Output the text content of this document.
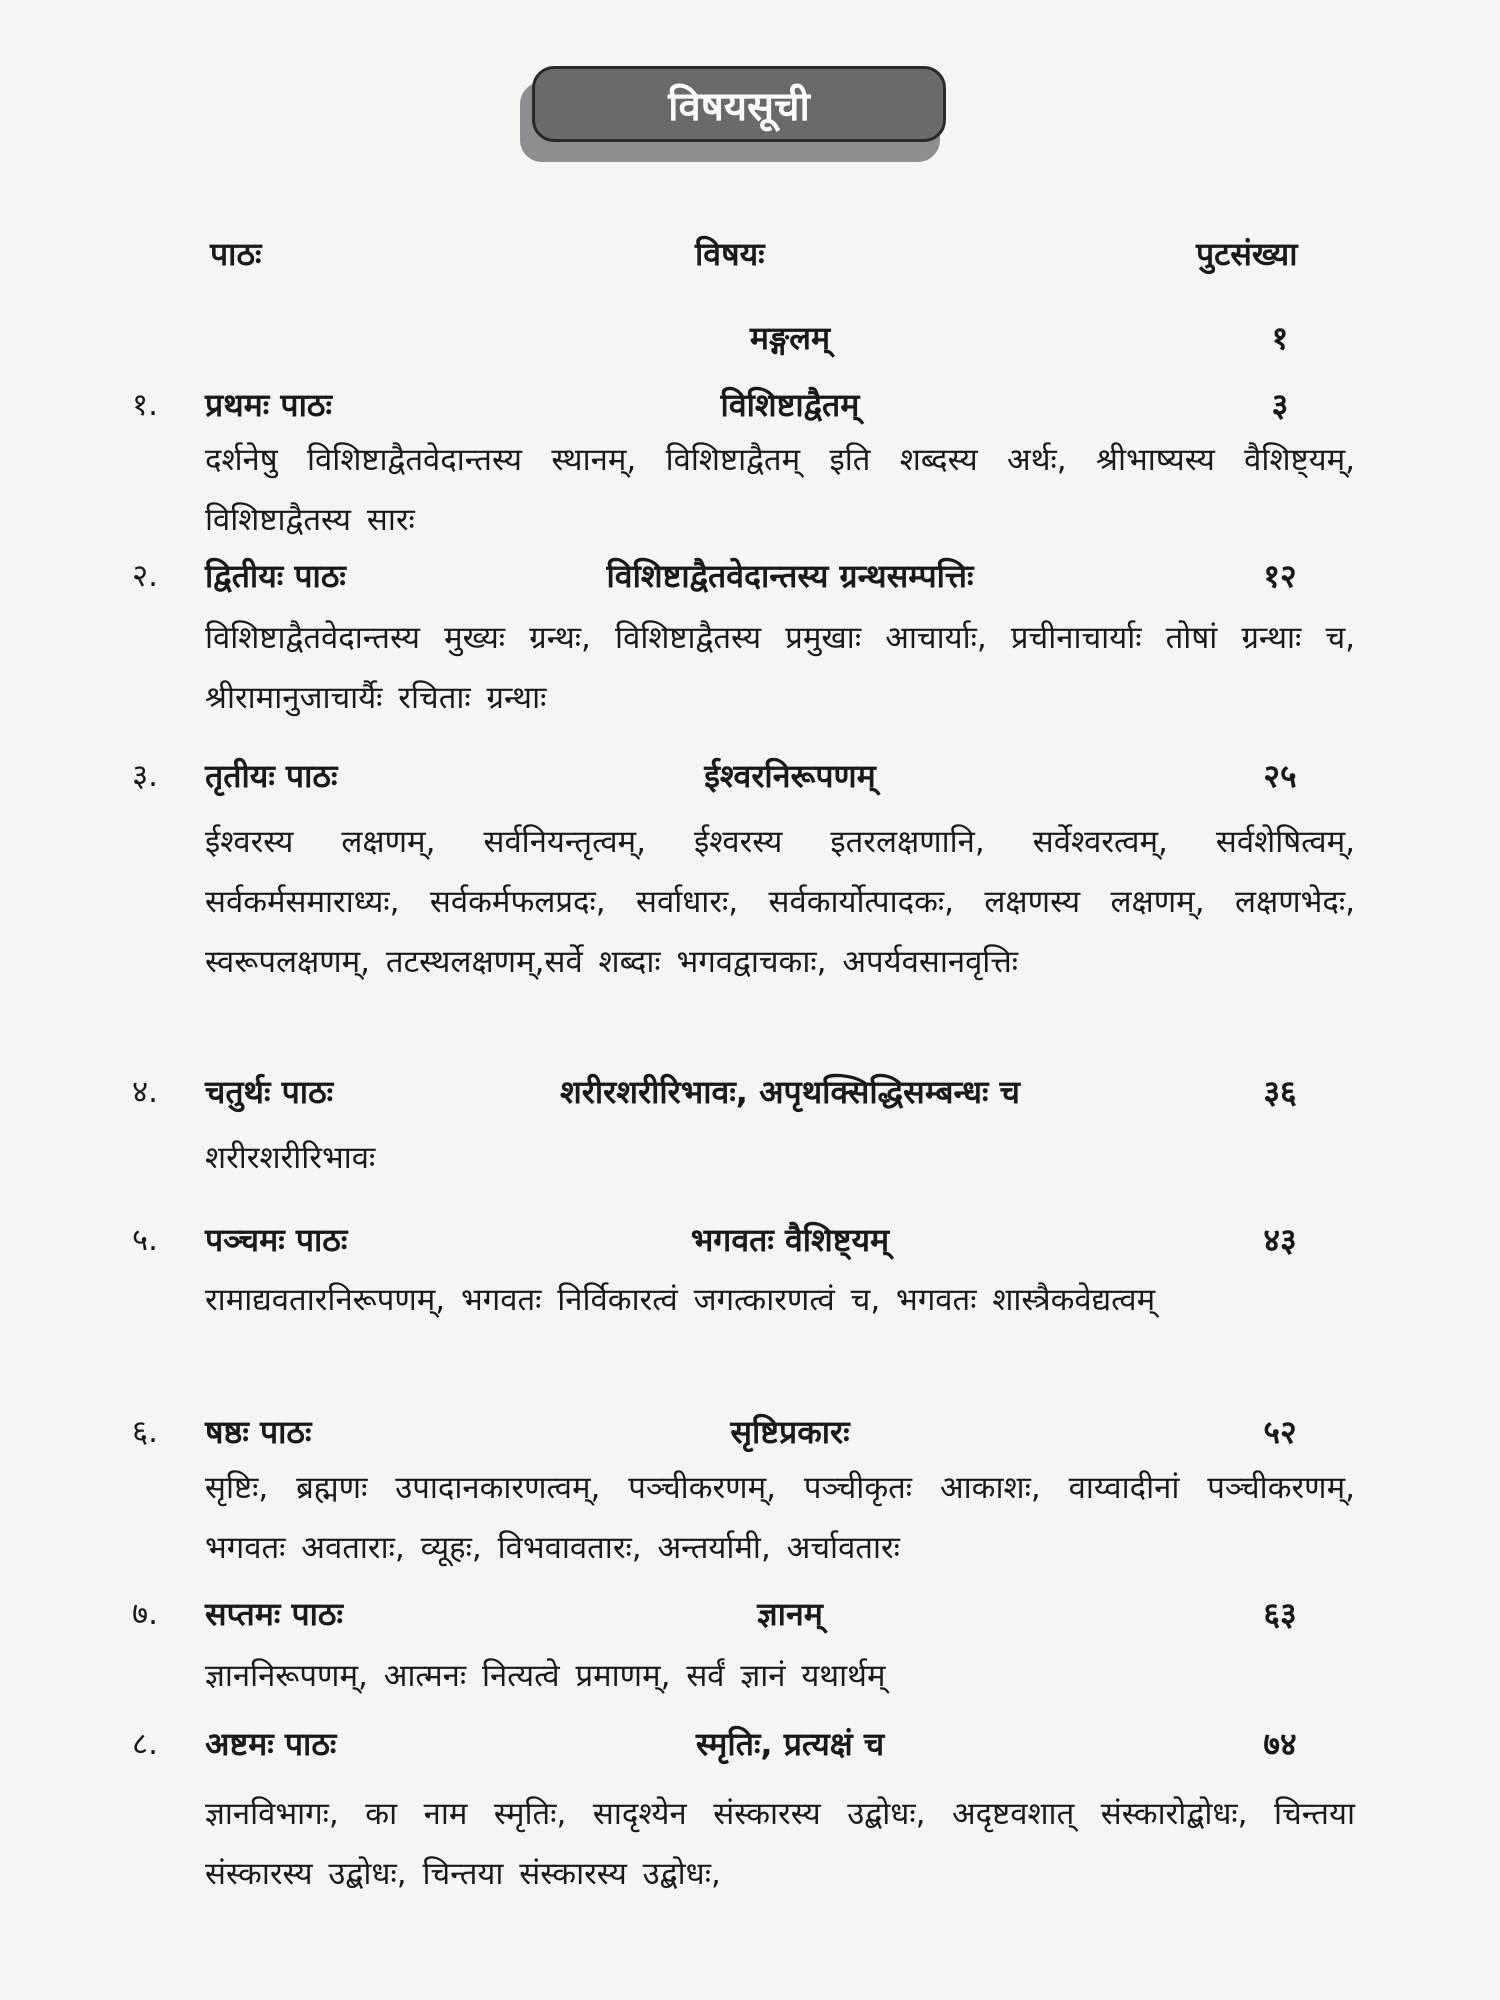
विषयसूची
पाठः	विषयः	पुटसंख्या
मङ्गलम्	१
१. प्रथमः पाठः	विशिष्टाद्वैतम्	३
दर्शनेषु विशिष्टाद्वैतवेदान्तस्य स्थानम्, विशिष्टाद्वैतम् इति शब्दस्य अर्थः, श्रीभाष्यस्य वैशिष्ट्यम्, विशिष्टाद्वैतस्य सारः
२. द्वितीयः पाठः	विशिष्टाद्वैतवेदान्तस्य ग्रन्थसम्पत्तिः	१२
विशिष्टाद्वैतवेदान्तस्य मुख्यः ग्रन्थः, विशिष्टाद्वैतस्य प्रमुखाः आचार्याः, प्रचीनाचार्याः तोषां ग्रन्थाः च, श्रीरामानुजाचार्यैः रचिताः ग्रन्थाः
३. तृतीयः पाठः	ईश्वरनिरूपणम्	२५
ईश्वरस्य लक्षणम्, सर्वनियन्तृत्वम्, ईश्वरस्य इतरलक्षणानि, सर्वेश्वरत्वम्, सर्वशेषित्वम्, सर्वकर्मसमाराध्यः, सर्वकर्मफलप्रदः, सर्वाधारः, सर्वकार्योत्पादकः, लक्षणस्य लक्षणम्, लक्षणभेदः, स्वरूपलक्षणम्, तटस्थलक्षणम्,सर्वे शब्दाः भगवद्वाचकाः, अपर्यवसानवृत्तिः
४. चतुर्थः पाठः	शरीरशरीरिभावः, अपृथक्सिद्धिसम्बन्धः च	३६
शरीरशरीरिभावः
५. पञ्चमः पाठः	भगवतः वैशिष्ट्यम्	४३
रामाद्यवतारनिरूपणम्, भगवतः निर्विकारत्वं जगत्कारणत्वं च, भगवतः शास्त्रैकवेद्यत्वम्
६. षष्ठः पाठः	सृष्टिप्रकारः	५२
सृष्टिः, ब्रह्मणः उपादानकारणत्वम्, पञ्चीकरणम्, पञ्चीकृतः आकाशः, वाय्वादीनां पञ्चीकरणम्, भगवतः अवताराः, व्यूहः, विभवावतारः, अन्तर्यामी, अर्चावतारः
७. सप्तमः पाठः	ज्ञानम्	६३
ज्ञाननिरूपणम्, आत्मनः नित्यत्वे प्रमाणम्, सर्वं ज्ञानं यथार्थम्
८. अष्टमः पाठः	स्मृतिः, प्रत्यक्षं च	७४
ज्ञानविभागः, का नाम स्मृतिः, सादृश्येन संस्कारस्य उद्बोधः, अदृष्टवशात् संस्कारोद्बोधः, चिन्तया संस्कारस्य उद्बोधः, चिन्तया संस्कारस्य उद्बोधः,
